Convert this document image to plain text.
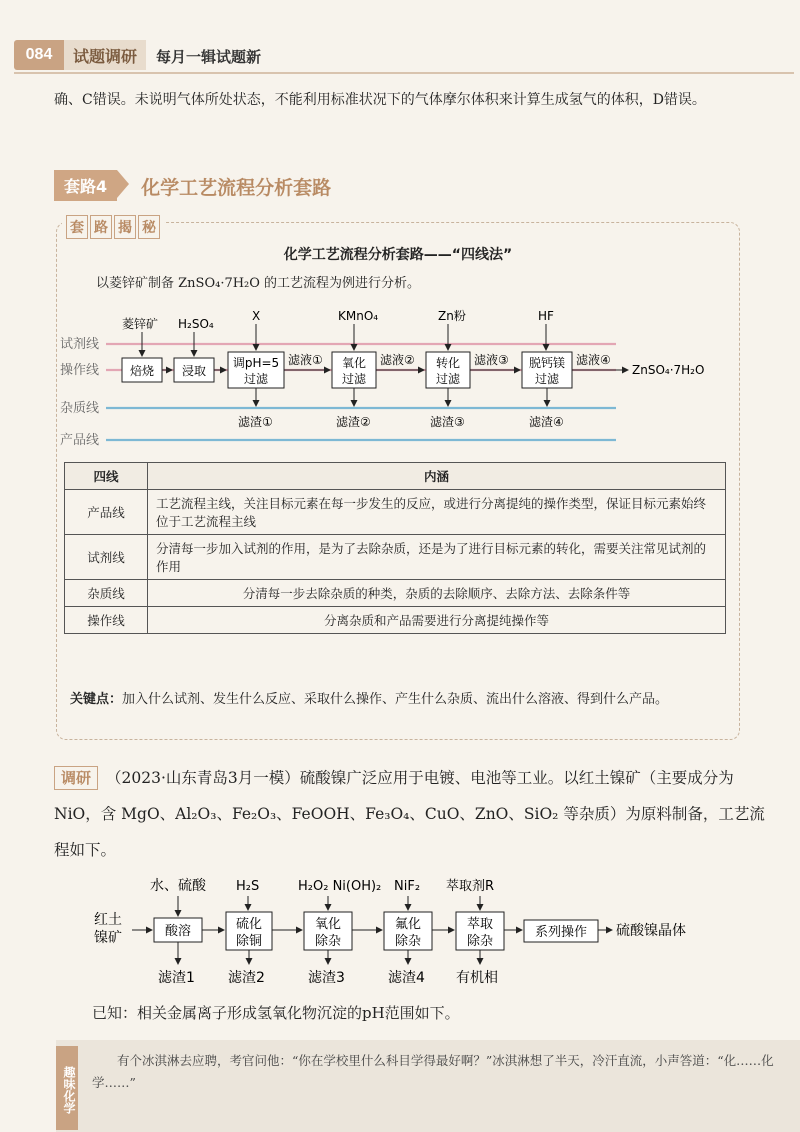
084	试题调研	每月一辑试题新
确、C错误。未说明气体所处状态，不能利用标准状况下的气体摩尔体积来计算生成氢气的体积，D错误。
套路4 化学工艺流程分析套路
套 路 揭 秘
化学工艺流程分析套路——“四线法”
以菱锌矿制备 ZnSO₄·7H₂O 的工艺流程为例进行分析。
试剂线
操作线
杂质线
产品线
菱锌矿 H₂SO₄
X	KMnO₄	Zn粉	HF
焙烧 浸取
调pH=5
过滤
氧化
过滤
转化
过滤
脱钙镁
过滤
滤液①	滤液②	滤液③	滤液④
ZnSO₄·7H₂O
滤渣①	滤渣②	滤渣③	滤渣④
四线	内涵
产品线	工艺流程主线，关注目标元素在每一步发生的反应，或进行分离提纯的操作类型，保证目标元素始终位于工艺流程主线
试剂线	分清每一步加入试剂的作用，是为了去除杂质，还是为了进行目标元素的转化，需要关注常见试剂的作用
杂质线	分清每一步去除杂质的种类，杂质的去除顺序、去除方法、去除条件等
操作线	分离杂质和产品需要进行分离提纯操作等
关键点：加入什么试剂、发生什么反应、采取什么操作、产生什么杂质、流出什么溶液、得到什么产品。
调研 （2023·山东青岛3月一模）硫酸镍广泛应用于电镀、电池等工业。以红土镍矿（主要成分为 NiO，含 MgO、Al₂O₃、Fe₂O₃、FeOOH、Fe₃O₄、CuO、ZnO、SiO₂ 等杂质）为原料制备，工艺流程如下。
红土
镍矿
水、硫酸 H₂S	H₂O₂ Ni(OH)₂ NiF₂ 萃取剂R
酸溶	硫化
除铜
氧化
除杂
氟化
除杂
萃取
除杂
系列操作 硫酸镍晶体
滤渣1 滤渣2	滤渣3	滤渣4 有机相
已知：相关金属离子形成氢氧化物沉淀的pH范围如下。
趣味化学
有个冰淇淋去应聘，考官问他：“你在学校里什么科目学得最好啊？”冰淇淋想了半天，冷汗直流，小声答道：“化……化学……”
